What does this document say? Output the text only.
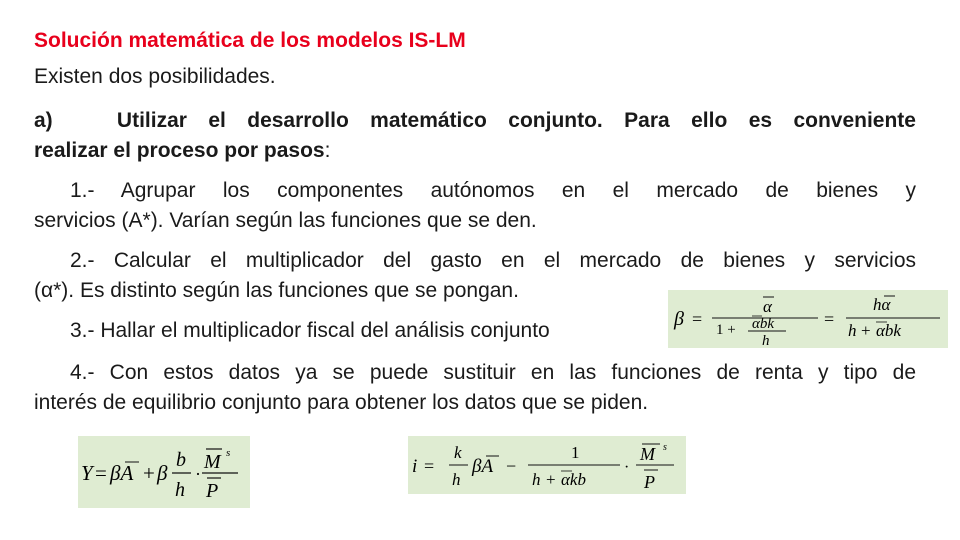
Solución matemática de los modelos IS-LM
Existen dos posibilidades.
a)	Utilizar el desarrollo matemático conjunto. Para ello es conveniente
realizar el proceso por pasos:
1.- Agrupar los componentes autónomos en el mercado de bienes y
servicios (A*). Varían según las funciones que se den.
2.- Calcular el multiplicador del gasto en el mercado de bienes y servicios
(α*). Es distinto según las funciones que se pongan.
3.- Hallar el multiplicador fiscal del análisis conjunto
4.- Con estos datos ya se puede sustituir en las funciones de renta y tipo de
interés de equilibrio conjunto para obtener los datos que se piden.
β =
α
1 + αbk
h
=
hα
h + αbk
Y = βA + β
b
h
·
M s
P
i =
k
h
βA −
1
h + αkb
·
M s
P
